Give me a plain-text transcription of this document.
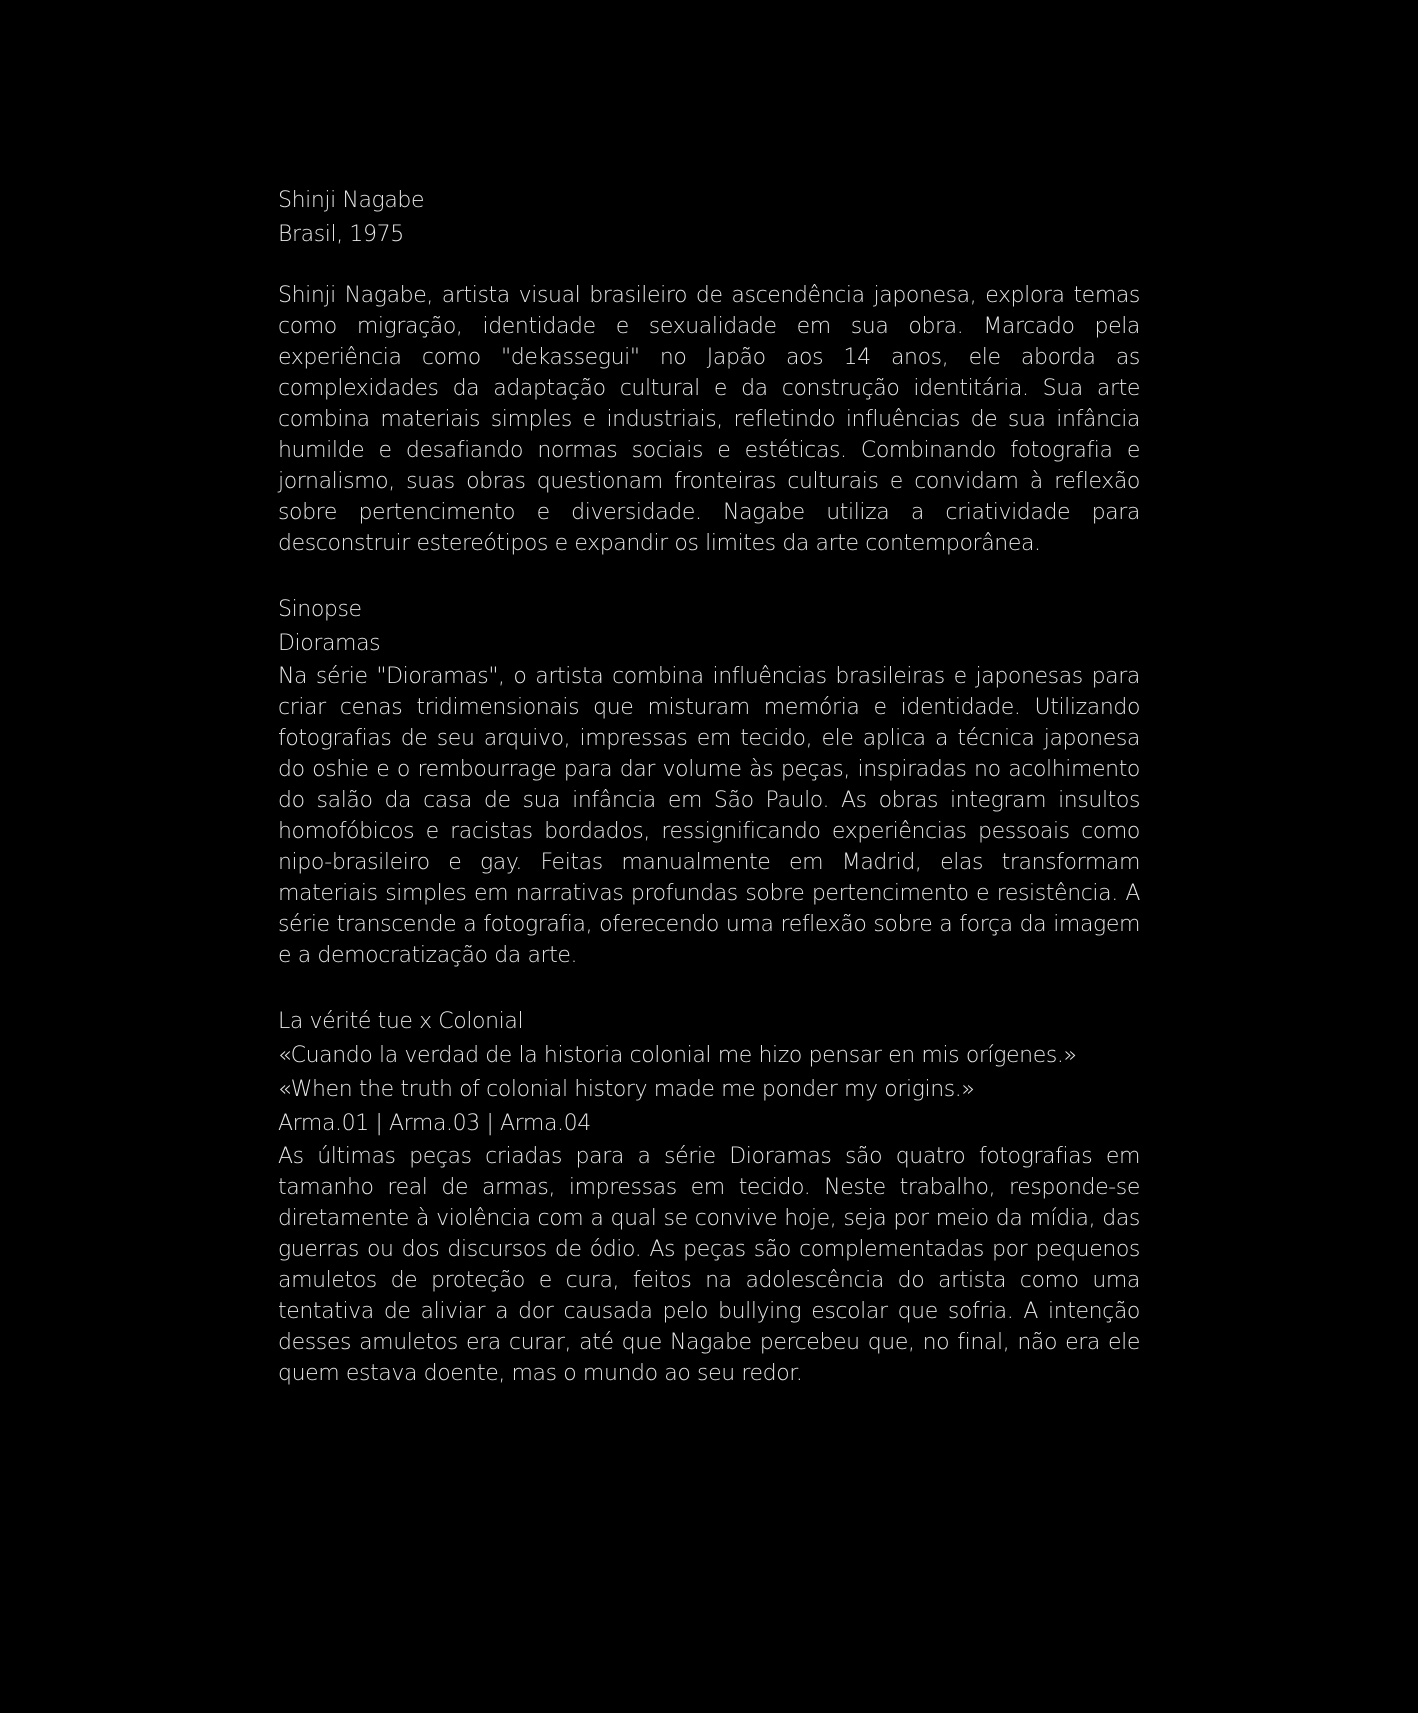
Shinji Nagabe

Brasil, 1975

Shinji Nagabe, artista visual brasileiro de ascendência japonesa, explora temas como migração, identidade e sexualidade em sua obra. Marcado pela experiência como "dekassegui" no Japão aos 14 anos, ele aborda as complexidades da adaptação cultural e da construção identitária. Sua arte combina materiais simples e industriais, refletindo influências de sua infância humilde e desafiando normas sociais e estéticas. Combinando fotografia e jornalismo, suas obras questionam fronteiras culturais e convidam à reflexão sobre pertencimento e diversidade. Nagabe utiliza a criatividade para desconstruir estereótipos e expandir os limites da arte contemporânea.

Sinopse

Dioramas

Na série "Dioramas", o artista combina influências brasileiras e japonesas para criar cenas tridimensionais que misturam memória e identidade. Utilizando fotografias de seu arquivo, impressas em tecido, ele aplica a técnica japonesa do oshie e o rembourrage para dar volume às peças, inspiradas no acolhimento do salão da casa de sua infância em São Paulo. As obras integram insultos homofóbicos e racistas bordados, ressignificando experiências pessoais como nipo-brasileiro e gay. Feitas manualmente em Madrid, elas transformam materiais simples em narrativas profundas sobre pertencimento e resistência. A série transcende a fotografia, oferecendo uma reflexão sobre a força da imagem e a democratização da arte.

La vérité tue x Colonial

«Cuando la verdad de la historia colonial me hizo pensar en mis orígenes.»

«When the truth of colonial history made me ponder my origins.»

Arma.01 | Arma.03 | Arma.04

As últimas peças criadas para a série Dioramas são quatro fotografias em tamanho real de armas, impressas em tecido. Neste trabalho, responde-se diretamente à violência com a qual se convive hoje, seja por meio da mídia, das guerras ou dos discursos de ódio. As peças são complementadas por pequenos amuletos de proteção e cura, feitos na adolescência do artista como uma tentativa de aliviar a dor causada pelo bullying escolar que sofria. A intenção desses amuletos era curar, até que Nagabe percebeu que, no final, não era ele quem estava doente, mas o mundo ao seu redor.
